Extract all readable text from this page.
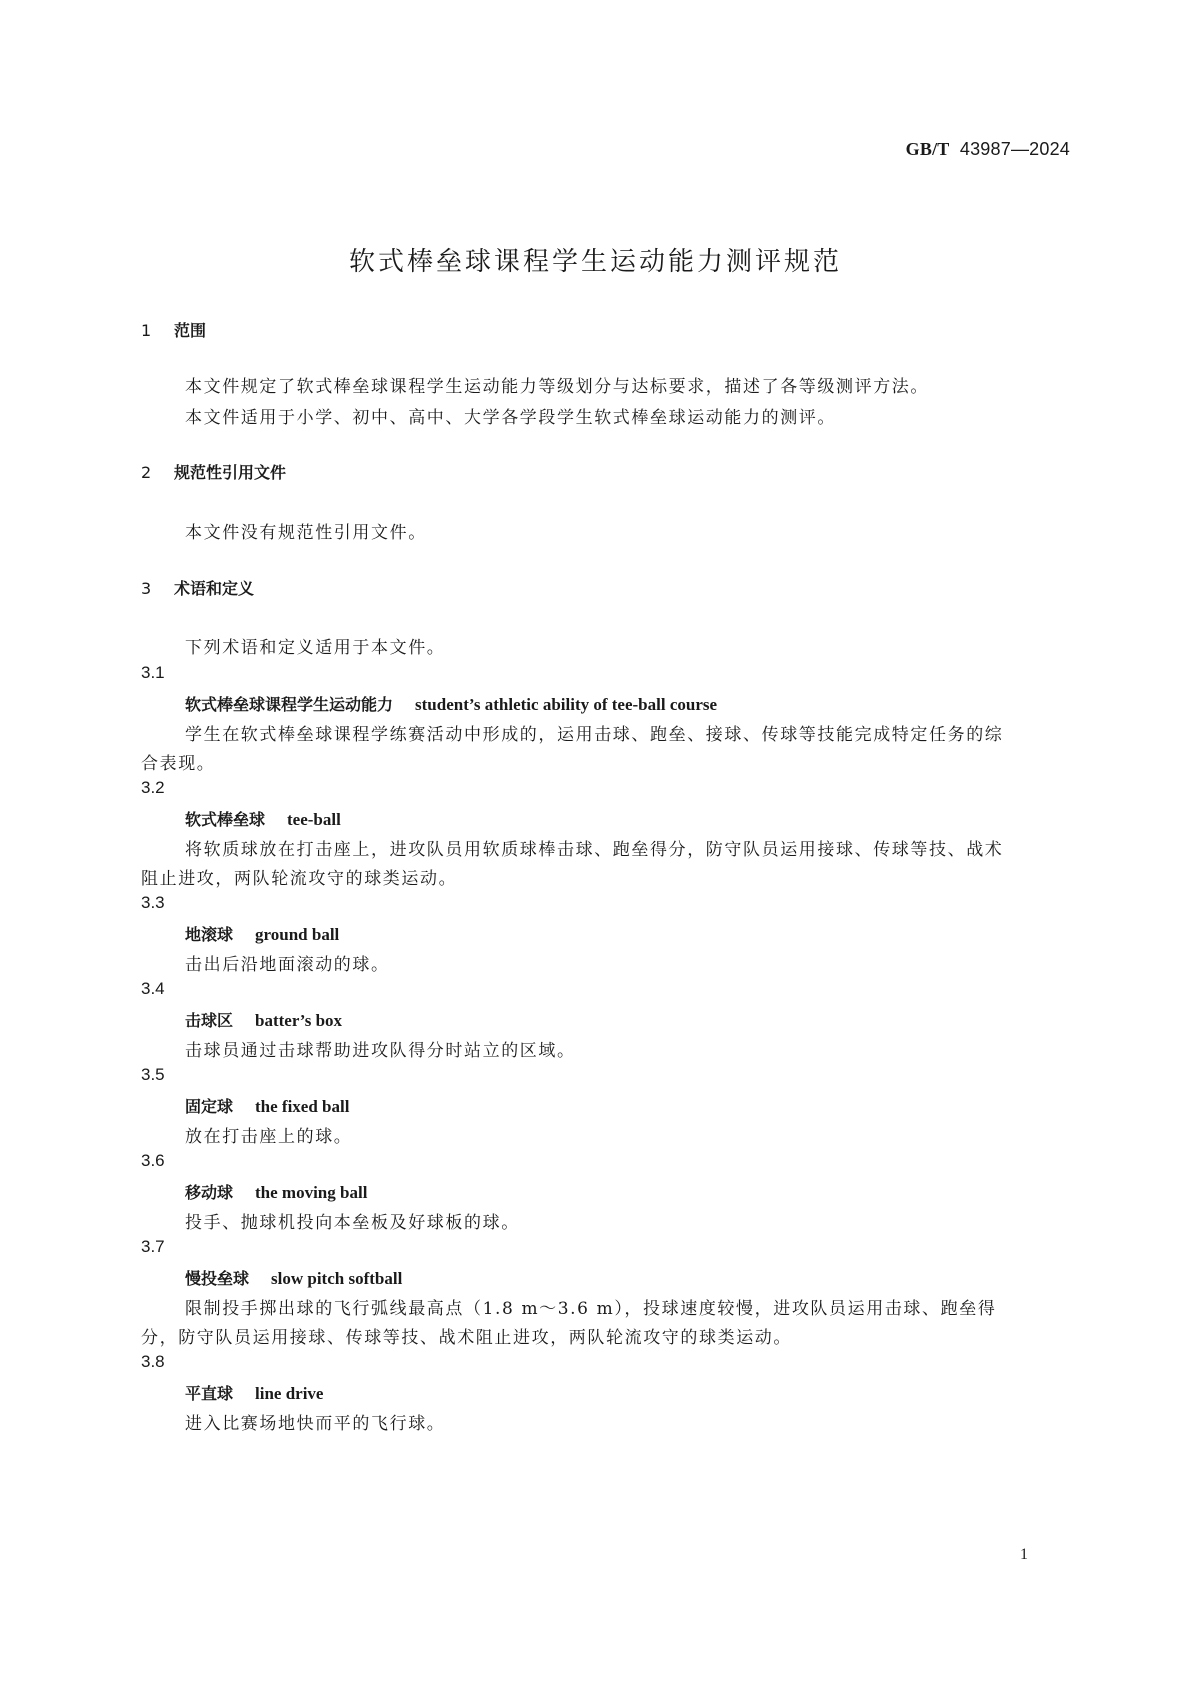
GB/T 43987—2024
软式棒垒球课程学生运动能力测评规范
1 范围
本文件规定了软式棒垒球课程学生运动能力等级划分与达标要求，描述了各等级测评方法。
本文件适用于小学、初中、高中、大学各学段学生软式棒垒球运动能力的测评。
2 规范性引用文件
本文件没有规范性引用文件。
3 术语和定义
下列术语和定义适用于本文件。
3.1
软式棒垒球课程学生运动能力 student’s athletic ability of tee-ball course
学生在软式棒垒球课程学练赛活动中形成的，运用击球、跑垒、接球、传球等技能完成特定任务的综
合表现。
3.2
软式棒垒球 tee-ball
将软质球放在打击座上，进攻队员用软质球棒击球、跑垒得分，防守队员运用接球、传球等技、战术
阻止进攻，两队轮流攻守的球类运动。
3.3
地滚球 ground ball
击出后沿地面滚动的球。
3.4
击球区 batter’s box
击球员通过击球帮助进攻队得分时站立的区域。
3.5
固定球 the fixed ball
放在打击座上的球。
3.6
移动球 the moving ball
投手、抛球机投向本垒板及好球板的球。
3.7
慢投垒球 slow pitch softball
限制投手掷出球的飞行弧线最高点（1.8 m～3.6 m），投球速度较慢，进攻队员运用击球、跑垒得
分，防守队员运用接球、传球等技、战术阻止进攻，两队轮流攻守的球类运动。
3.8
平直球 line drive
进入比赛场地快而平的飞行球。
1
